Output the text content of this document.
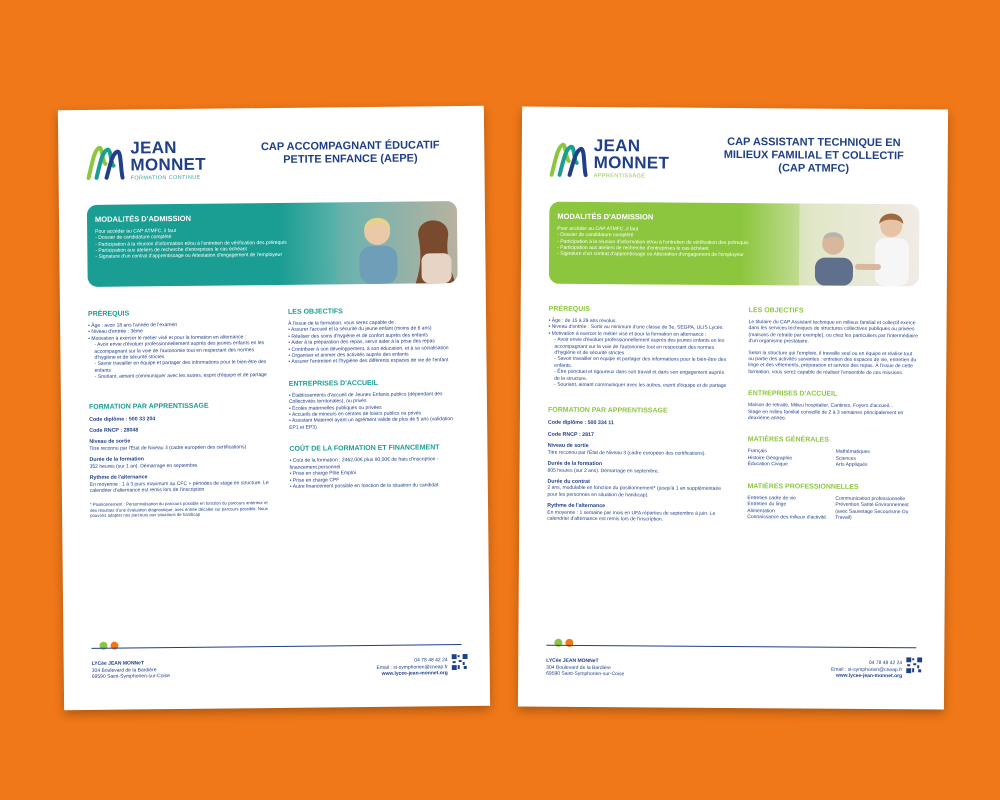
JEAN
MONNET
FORMATION CONTINUE
CAP ACCOMPAGNANT ÉDUCATIF
PETITE ENFANCE (AEPE)
MODALITÉS D'ADMISSION
Pour accéder au CAP ATMFC, il faut
- Dossier de candidature complété
- Participation à la réunion d'information et/ou à l'entretien de vérification des prérequis
- Participation aux ateliers de recherche d'entreprises le cas échéant
- Signature d'un contrat d'apprentissage ou Attestation d'engagement de l'employeur
PRÉREQUIS
• Âge : avoir 18 ans l'année de l'examen
• Niveau d'entrée : 3ème
• Motivation à exercer le métier visé et pour la formation en alternance :
- Avoir envie d'évoluer professionnellement auprès des jeunes enfants en les accompagnant sur la voie de l'autonomie tout en respectant des normes d'hygiène et de sécurité strictes
- Savoir travailler en équipe et partager des informations pour le bien-être des enfants
- Souriant, aimant communiquer avec les autres, esprit d'équipe et de partage
FORMATION PAR APPRENTISSAGE
Code diplôme : 500 33 204
Code RNCP : 28048
Niveau de sortie
Titre reconnu par l'État de Niveau 3 (cadre européen des certifications)
Durée de la formation
352 heures (sur 1 an). Démarrage en septembre.
Rythme de l'alternance
En moyenne : 1 à 3 jours maximum au CFC + périodes de stage en structure. Le calendrier d'alternance est remis lors de l'inscription
* Positionnement : Personnalisation du parcours possible en fonction du parcours antérieur et des résultats d'une évaluation diagnostique, avec entrée décalée sur parcours possible. Nous pouvons adapter nos parcours aux situations de handicap
LES OBJECTIFS
À l'issue de la formation, vous serez capable de :
• Assurer l'accueil et la sécurité du jeune enfant (moins de 6 ans)
• Réaliser des soins d'hygiène et de confort auprès des enfants
• Aider à la préparation des repas, servir aider à la prise des repas
• Contribuer à son développement, à son éducation, et à sa socialisation
• Organiser et animer des activités auprès des enfants
• Assurer l'entretien et l'hygiène des différents espaces de vie de l'enfant
ENTREPRISES D'ACCUEIL
• Établissements d'accueil de Jeunes Enfants publics (dépendant des Collectivités territoriales), ou privés
• Écoles maternelles publiques ou privées
• Accueils de mineurs en centres de loisirs publics ou privés
• Assistant Maternel ayant un agrément valide de plus de 5 ans (validation EP1 et EP3)
COÛT DE LA FORMATION ET FINANCEMENT
• Coût de la formation : 2462,00€ plus 90,00€ de frais d'inscription - financement personnel
• Prise en charge Pôle Emploi
• Prise en charge CPF
• Autre financement possible en fonction de la situation du candidat
LYCée JEAN MONNeT
304 Boulevard de la Bardière
69590 Saint-Symphorien-sur-Coise
04 78 48 42 24
Email : st-symphorien@cneap.fr
www.lycee-jean-monnet.org
JEAN
MONNET
APPRENTISSAGE
CAP ASSISTANT TECHNIQUE EN
MILIEUX FAMILIAL ET COLLECTIF
(CAP ATMFC)
MODALITÉS D'ADMISSION
Pour accéder au CAP ATMFC, il faut
- Dossier de candidature complété
- Participation à la réunion d'information et/ou à l'entretien de vérification des prérequis
- Participation aux ateliers de recherche d'entreprises le cas échéant
- Signature d'un contrat d'apprentissage ou Attestation d'engagement de l'employeur
PRÉREQUIS
• Âge : de 15 à 29 ans révolus.
• Niveau d'entrée : Sortir au minimum d'une classe de 3e, SEGPA, ULIS Lycée.
• Motivation à exercer le métier visé et pour la formation en alternance :
- Avoir envie d'évoluer professionnellement auprès des jeunes enfants en les accompagnant sur la voie de l'autonomie tout en respectant des normes d'hygiène et de sécurité strictes
- Savoir travailler en équipe et partager des informations pour le bien-être des enfants.
- Être ponctuel et rigoureux dans son travail et dans son engagement auprès de la structure.
- Souriant, aimant communiquer avec les autres, esprit d'équipe et de partage
FORMATION PAR APPRENTISSAGE
Code diplôme : 500 334 11
Code RNCP : 2817
Niveau de sortie
Titre reconnu par l'État de Niveau 3 (cadre européen des certifications).
Durée de la formation
805 heures (sur 2 ans). Démarrage en septembre.
Durée du contrat
2 ans, modulable en fonction du positionnement* (jusqu'à 1 an supplémentaire pour les personnes en situation de handicap).
Rythme de l'alternance
En moyenne : 1 semaine par mois en UFA réparties de septembre à juin. Le calendrier d'alternance est remis lors de l'inscription.
LES OBJECTIFS
Le titulaire du CAP Assistant technique en milieux familial et collectif exerce dans les services techniques de structures collectives publiques ou privées (maisons de retraite par exemple), ou chez les particuliers par l'intermédiaire d'un organisme prestataire.
Selon la structure qui l'emploie, il travaille seul ou en équipe et réalise tout ou partie des activités suivantes : entretien des espaces de vie, entretien du linge et des vêtements, préparation et service des repas. À l'issue de cette formation, vous serez capable de réaliser l'ensemble de ces missions.
ENTREPRISES D'ACCUEIL
Maison de retraite, Milieu hospitalier, Cantines, Foyers d'accueil...
Stage en milieu familial conseillé de 2 à 3 semaines principalement en deuxième année.
MATIÈRES GÉNÉRALES
Français
Histoire Géographie
Éducation Civique
Mathématiques
Sciences
Arts Appliqués
MATIÈRES PROFESSIONNELLES
Entretien cadre de vie
Entretien du linge
Alimentation
Connaissance des milieux d'activité
Communication professionnelle
Prévention Santé Environnement (avec Sauvetage Secourisme Du Travail)
LYCée JEAN MONNeT
304 Boulevard de la Bardière
69590 Saint-Symphorien-sur-Coise
04 78 48 42 24
Email : st-symphorien@cneap.fr
www.lycee-jean-monnet.org
